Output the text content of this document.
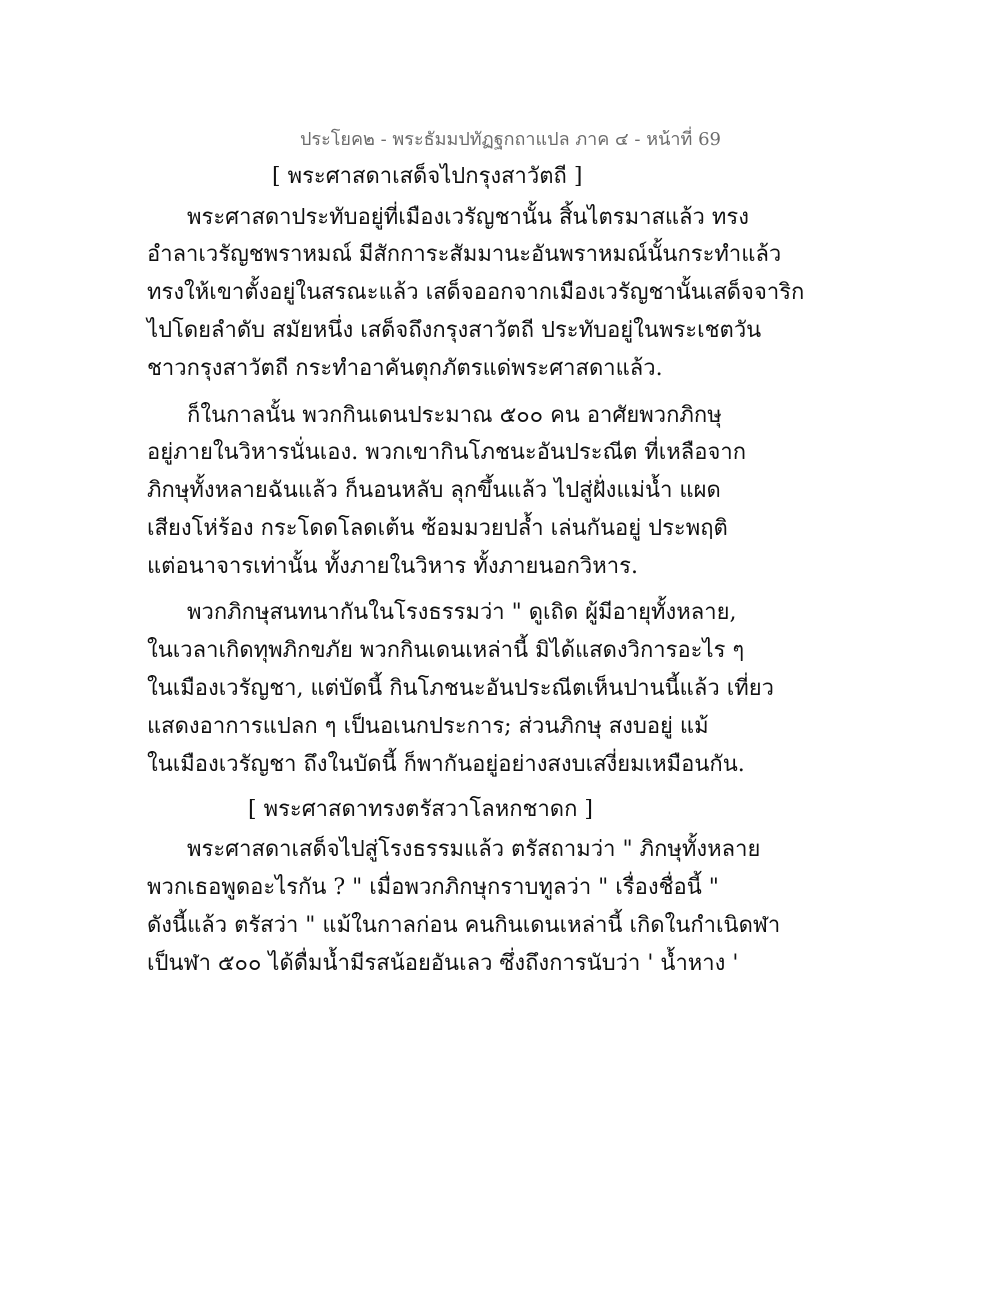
ประโยค๒ - พระธัมมปทัฏฐกถาแปล ภาค ๔ - หน้าที่ 69
[ พระศาสดาเสด็จไปกรุงสาวัตถี ]
พระศาสดาประทับอยู่ที่เมืองเวรัญชานั้น สิ้นไตรมาสแล้ว ทรง
อำลาเวรัญชพราหมณ์ มีสักการะสัมมานะอันพราหมณ์นั้นกระทำแล้ว
ทรงให้เขาตั้งอยู่ในสรณะแล้ว เสด็จออกจากเมืองเวรัญชานั้นเสด็จจาริก
ไปโดยลำดับ สมัยหนึ่ง เสด็จถึงกรุงสาวัตถี ประทับอยู่ในพระเชตวัน
ชาวกรุงสาวัตถี กระทำอาคันตุกภัตรแด่พระศาสดาแล้ว.
ก็ในกาลนั้น พวกกินเดนประมาณ ๕๐๐ คน อาศัยพวกภิกษุ
อยู่ภายในวิหารนั่นเอง. พวกเขากินโภชนะอันประณีต ที่เหลือจาก
ภิกษุทั้งหลายฉันแล้ว ก็นอนหลับ ลุกขึ้นแล้ว ไปสู่ฝั่งแม่น้ำ แผด
เสียงโห่ร้อง กระโดดโลดเต้น ซ้อมมวยปล้ำ เล่นกันอยู่ ประพฤติ
แต่อนาจารเท่านั้น ทั้งภายในวิหาร ทั้งภายนอกวิหาร.
พวกภิกษุสนทนากันในโรงธรรมว่า " ดูเถิด ผู้มีอายุทั้งหลาย,
ในเวลาเกิดทุพภิกขภัย พวกกินเดนเหล่านี้ มิได้แสดงวิการอะไร ๆ
ในเมืองเวรัญชา, แต่บัดนี้ กินโภชนะอันประณีตเห็นปานนี้แล้ว เที่ยว
แสดงอาการแปลก ๆ เป็นอเนกประการ; ส่วนภิกษุ สงบอยู่ แม้
ในเมืองเวรัญชา ถึงในบัดนี้ ก็พากันอยู่อย่างสงบเสงี่ยมเหมือนกัน.
[ พระศาสดาทรงตรัสวาโลหกชาดก ]
พระศาสดาเสด็จไปสู่โรงธรรมแล้ว ตรัสถามว่า " ภิกษุทั้งหลาย
พวกเธอพูดอะไรกัน ? " เมื่อพวกภิกษุกราบทูลว่า " เรื่องชื่อนี้ "
ดังนี้แล้ว ตรัสว่า " แม้ในกาลก่อน คนกินเดนเหล่านี้ เกิดในกำเนิดฬา
เป็นฬา ๕๐๐ ได้ดื่มน้ำมีรสน้อยอันเลว ซึ่งถึงการนับว่า ' น้ำหาง '
